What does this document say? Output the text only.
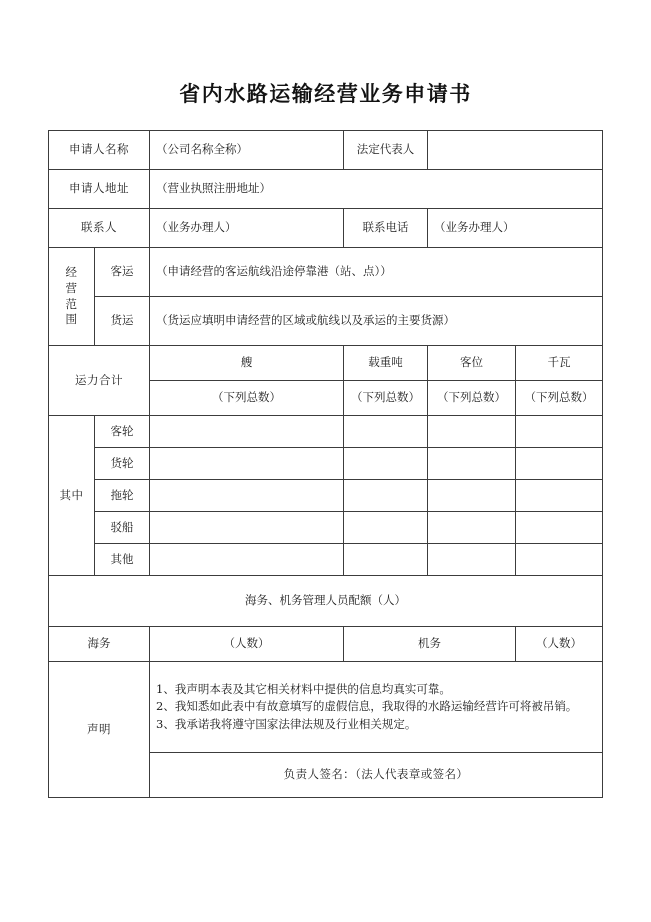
省内水路运输经营业务申请书
申请人名称		（公司名称全称）	法定代表人		
申请人地址		（营业执照注册地址）			
联系人		（业务办理人）	联系电话	（业务办理人）	

经
营
范
围	客运	（申请经营的客运航线沿途停靠港（站、点））			
	货运	（货运应填明申请经营的区域或航线以及承运的主要货源）			
运力合计		艘	载重吨	客位	千瓦
		（下列总数）	（下列总数）	（下列总数）	（下列总数）
其中	客轮				
	货轮				
	拖轮				
	驳船				
	其他				
海务、机务管理人员配额（人）					
海务		（人数）	机务		（人数）
声明		1、我声明本表及其它相关材料中提供的信息均真实可靠。
2、我知悉如此表中有故意填写的虚假信息，我取得的水路运输经营许可将被吊销。
3、我承诺我将遵守国家法律法规及行业相关规定。			

		负责人签名：（法人代表章或签名）			
